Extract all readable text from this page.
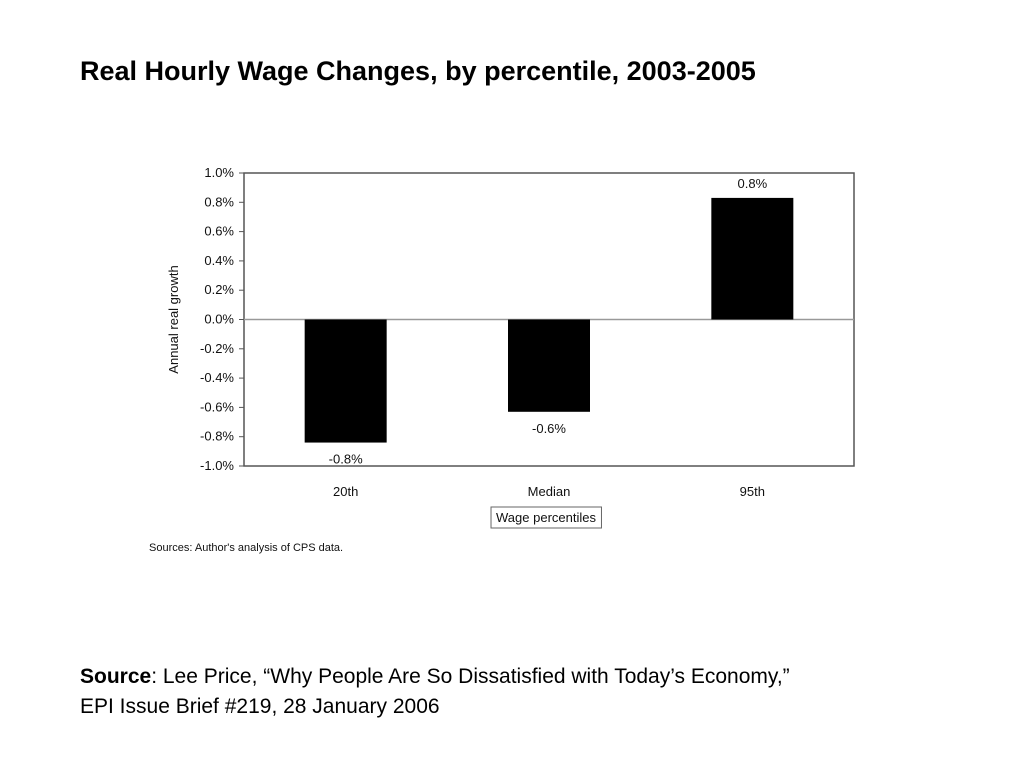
Real Hourly Wage Changes, by percentile, 2003-2005
1.0%
0.8%
0.6%
0.4%
0.2%
0.0%
-0.2%
-0.4%
-0.6%
-0.8%
-1.0%	-0.8%
20th
-0.6%
Median
0.8%
95th
Annual real growth
Wage percentiles
Sources: Author's analysis of CPS data.
Source: Lee Price, “Why People Are So Dissatisfied with Today’s Economy,”
EPI Issue Brief #219, 28 January 2006
